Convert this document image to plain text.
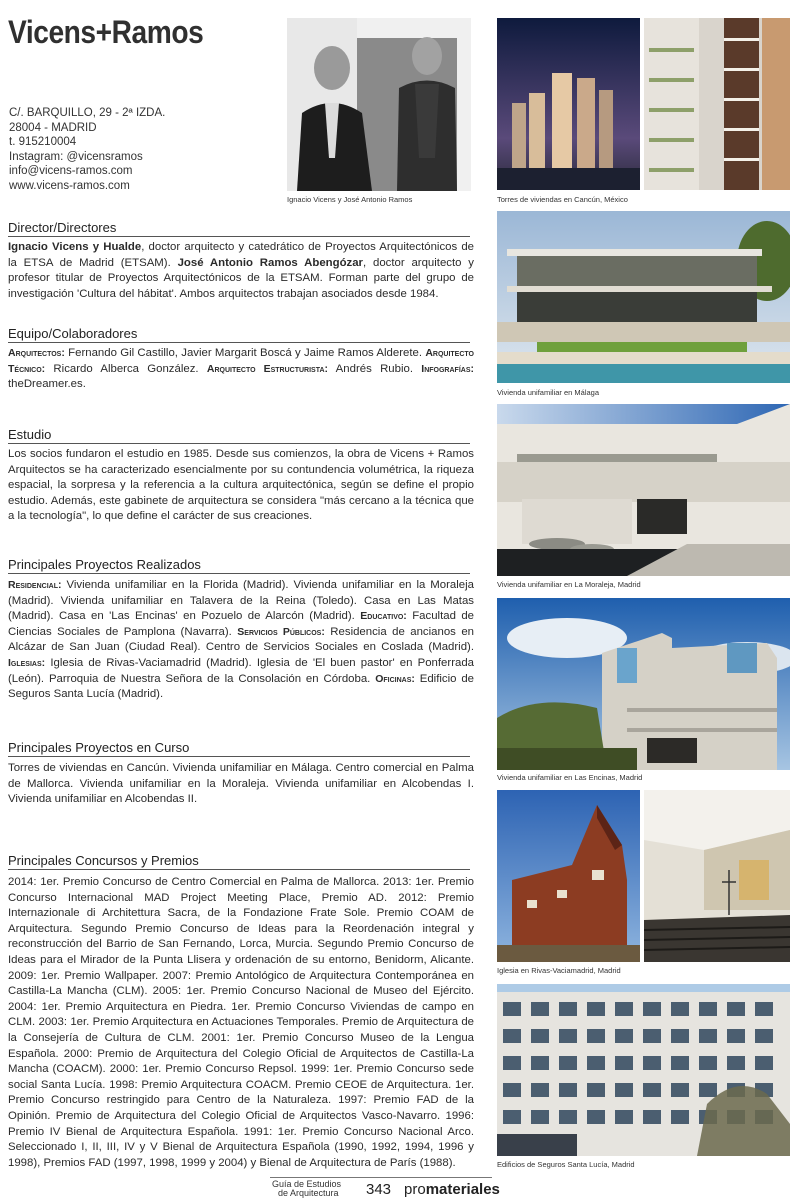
Vicens+Ramos
C/. BARQUILLO, 29 - 2ª IZDA.
28004 - MADRID
t. 915210004
Instagram: @vicensramos
info@vicens-ramos.com
www.vicens-ramos.com
Ignacio Vicens y José Antonio Ramos	Torres de viviendas en Cancún, México
Vivienda unifamiliar en Málaga
Vivienda unifamiliar en La Moraleja, Madrid
Vivienda unifamiliar en Las Encinas, Madrid
Iglesia en Rivas-Vaciamadrid, Madrid
Edificios de Seguros Santa Lucía, Madrid
Director/Directores
Ignacio Vicens y Hualde, doctor arquitecto y catedrático de Proyectos Arquitectónicos de la ETSA de Madrid (ETSAM). José Antonio Ramos Abengózar, doctor arquitecto y profesor titular de Proyectos Arquitectónicos de la ETSAM. Forman parte del grupo de investigación 'Cultura del hábitat'. Ambos arquitectos trabajan asociados desde 1984.
Equipo/Colaboradores
Arquitectos: Fernando Gil Castillo, Javier Margarit Boscá y Jaime Ramos Alderete. Arquitecto Técnico: Ricardo Alberca González. Arquitecto Estructurista: Andrés Rubio. Infografías: theDreamer.es.
Estudio
Los socios fundaron el estudio en 1985. Desde sus comienzos, la obra de Vicens + Ramos Arquitectos se ha caracterizado esencialmente por su contundencia volumétrica, la riqueza espacial, la sorpresa y la referencia a la cultura arquitectónica, según se define el propio estudio. Además, este gabinete de arquitectura se considera "más cercano a la técnica que a la tecnología", lo que define el carácter de sus creaciones.
Principales Proyectos Realizados
Residencial: Vivienda unifamiliar en la Florida (Madrid). Vivienda unifamiliar en la Moraleja (Madrid). Vivienda unifamiliar en Talavera de la Reina (Toledo). Casa en Las Matas (Madrid). Casa en 'Las Encinas' en Pozuelo de Alarcón (Madrid). Educativo: Facultad de Ciencias Sociales de Pamplona (Navarra). Servicios Públicos: Residencia de ancianos en Alcázar de San Juan (Ciudad Real). Centro de Servicios Sociales en Coslada (Madrid). Iglesias: Iglesia de Rivas-Vaciamadrid (Madrid). Iglesia de 'El buen pastor' en Ponferrada (León). Parroquia de Nuestra Señora de la Consolación en Córdoba. Oficinas: Edificio de Seguros Santa Lucía (Madrid).
Principales Proyectos en Curso
Torres de viviendas en Cancún. Vivienda unifamiliar en Málaga. Centro comercial en Palma de Mallorca. Vivienda unifamiliar en la Moraleja. Vivienda unifamiliar en Alcobendas I. Vivienda unifamiliar en Alcobendas II.
Principales Concursos y Premios
2014: 1er. Premio Concurso de Centro Comercial en Palma de Mallorca. 2013: 1er. Premio Concurso Internacional MAD Project Meeting Place, Premio AD. 2012: Premio Internazionale di Architettura Sacra, de la Fondazione Frate Sole. Premio COAM de Arquitectura. Segundo Premio Concurso de Ideas para la Reordenación integral y reconstrucción del Barrio de San Fernando, Lorca, Murcia. Segundo Premio Concurso de Ideas para el Mirador de la Punta Llisera y ordenación de su entorno, Benidorm, Alicante. 2009: 1er. Premio Wallpaper. 2007: Premio Antológico de Arquitectura Contemporánea en Castilla-La Mancha (CLM). 2005: 1er. Premio Concurso Nacional de Museo del Ejército. 2004: 1er. Premio Arquitectura en Piedra. 1er. Premio Concurso Viviendas de campo en CLM. 2003: 1er. Premio Arquitectura en Actuaciones Temporales. Premio de Arquitectura de la Consejería de Cultura de CLM. 2001: 1er. Premio Concurso Museo de la Lengua Española. 2000: Premio de Arquitectura del Colegio Oficial de Arquitectos de Castilla-La Mancha (COACM). 2000: 1er. Premio Concurso Repsol. 1999: 1er. Premio Concurso sede social Santa Lucía. 1998: Premio Arquitectura COACM. Premio CEOE de Arquitectura. 1er. Premio Concurso restringido para Centro de la Naturaleza. 1997: Premio FAD de la Opinión. Premio de Arquitectura del Colegio Oficial de Arquitectos Vasco-Navarro. 1996: Premio IV Bienal de Arquitectura Española. 1991: 1er. Premio Concurso Nacional Arco. Seleccionado I, II, III, IV y V Bienal de Arquitectura Española (1990, 1992, 1994, 1996 y 1998), Premios FAD (1997, 1998, 1999 y 2004) y Bienal de Arquitectura de París (1988).
Guía de Estudios
de Arquitectura 343 promateriales
